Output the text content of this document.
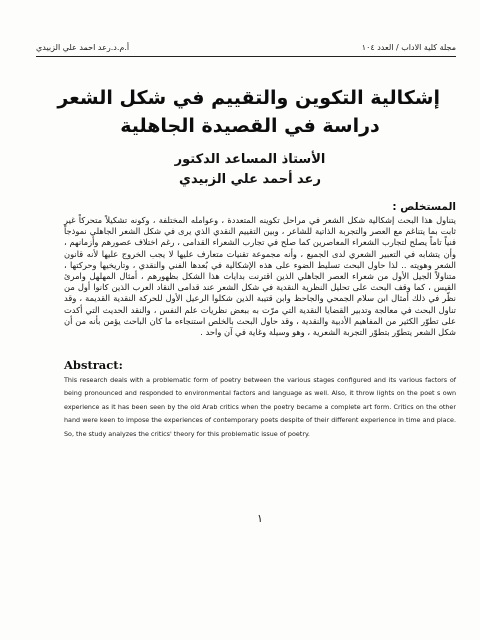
مجلة كلية الاداب / العدد ١٠٤
أ.م.د.رعد احمد علي الزبيدي
إشكالية التكوين والتقييم في شكل الشعر
دراسة في القصيدة الجاهلية
الأستاذ المساعد الدكتور
رعد أحمد علي الزبيدي
المستخلص :
يتناول هذا البحث إشكالية شكل الشعر في مراحل تكوينه المتعددة ، وعوامله المختلفة ، وكونه تشكيلاً متحركاً غير ثابت بما يتناغم مع العصر والتجربة الذاتية للشاعر ، وبين التقييم النقدي الذي يرى في شكل الشعر الجاهلي نموذجاً فنياً تاماً يصلح لتجارب الشعراء المعاصرين كما صلح في تجارب الشعراء القدامى ، رغم اختلاف عصورهم وأزمانهم ، وأن يتشابه في التعبير الشعري لدى الجميع ، وأنه مجموعة تقنيات متعارف عليها لا يجب الخروج عليها لأنه قانون الشعر وهويته .. لذا حاول البحث تسليط الضوء على هذه الإشكالية في بُعدها الفني والنقدي ، وتاريخيها وحركتها ، متناولاً الجيل الأول من شعراء العصر الجاهلي الذين اقترنت بدايات هذا الشكل بظهورهم ، أمثال المهلهل وامرئ القيس ، كما وقف البحث على تحليل النظرية النقدية في شكل الشعر عند قدامى النقاد العرب الذين كانوا أول من نظّر في ذلك أمثال ابن سلام الجمحي والجاحظ وابن قتيبة الذين شكلوا الرعيل الأول للحركة النقدية القديمة ، وقد تناول البحث في معالجة وتدبير القضايا النقدية التي مرّت به ببعض نظريات علم النفس ، والنقد الحديث التي أكدت على تطوّر الكثير من المفاهيم الأدبية والنقدية ، وقد حاول البحث بالخلص استنجاءه ما كان الباحث يؤمن بأنه من أن شكل الشعر يتطوّر بتطوّر التجربة الشعرية ، وهو وسيلة وغاية في آن واحد .
Abstract:
This research deals with a problematic form of poetry between the various stages configured and its various factors of being pronounced and responded to environmental factors and language as well. Also, it throw lights on the poet s own experience as it has been seen by the old Arab critics when the poetry became a complete art form. Critics on the other hand were keen to impose the experiences of contemporary poets despite of their different experience in time and place. So, the study analyzes the critics' theory for this problematic issue of poetry.
١
